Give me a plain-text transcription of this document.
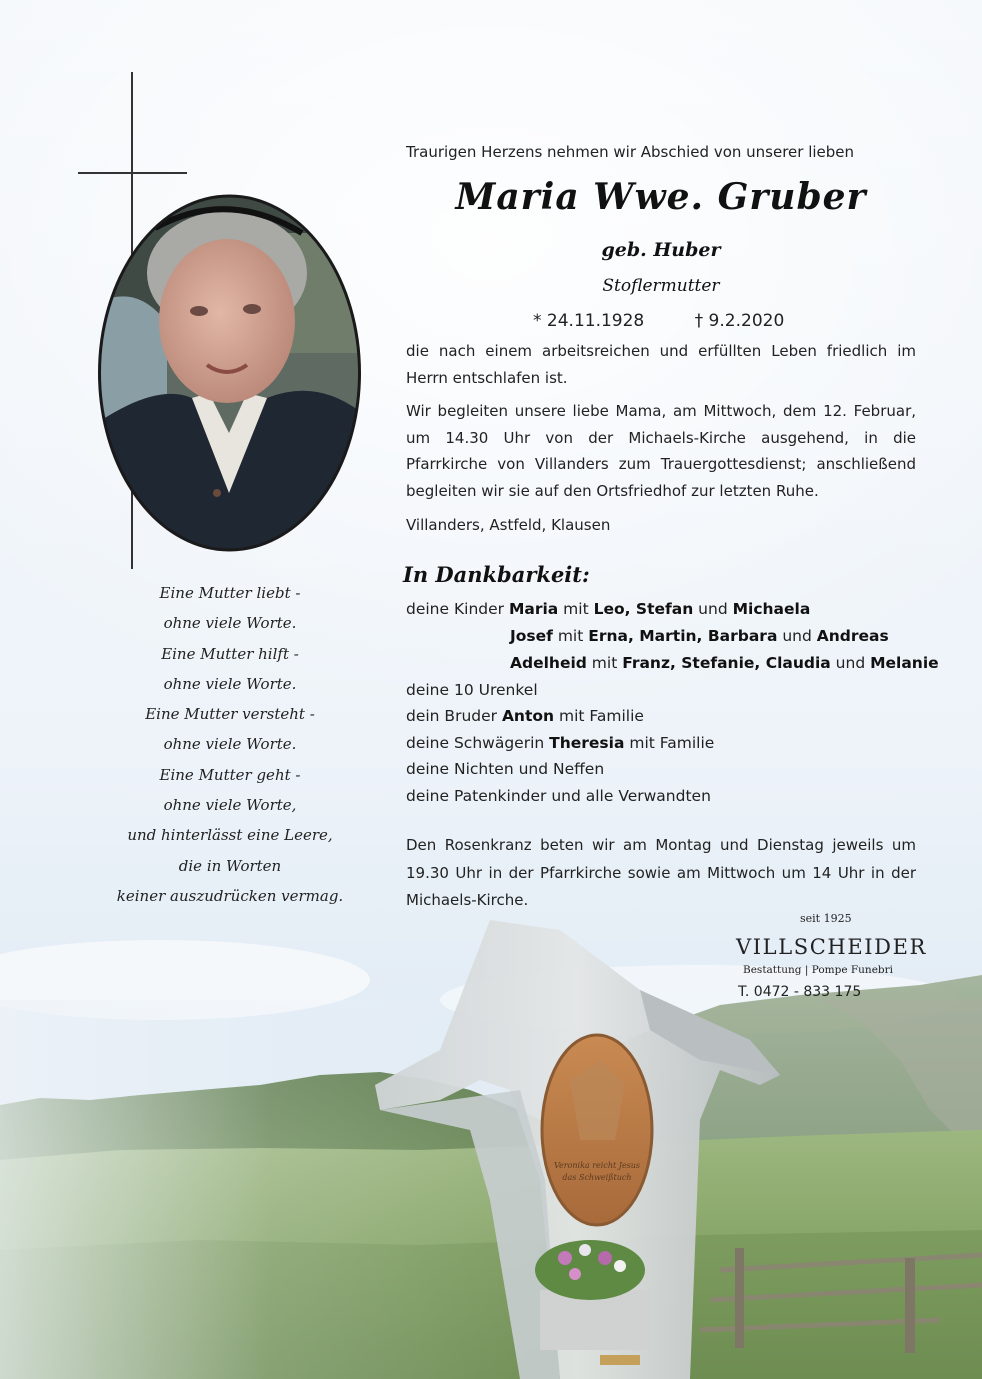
Veronika reicht Jesus
das Schweißtuch
Eine Mutter liebt -
ohne viele Worte.
Eine Mutter hilft -
ohne viele Worte.
Eine Mutter versteht -
ohne viele Worte.
Eine Mutter geht -
ohne viele Worte,
und hinterlässt eine Leere,
die in Worten
keiner auszudrücken vermag.
Traurigen Herzens nehmen wir Abschied von unserer lieben
Maria Wwe. Gruber
geb. Huber
Stoflermutter
* 24.11.1928	† 9.2.2020
die nach einem arbeitsreichen und erfüllten Leben friedlich im Herrn entschlafen ist.
Wir begleiten unsere liebe Mama, am Mittwoch, dem 12. Februar, um 14.30 Uhr von der Michaels-Kirche ausgehend, in die Pfarrkirche von Villanders zum Trauergottesdienst; anschließend begleiten wir sie auf den Ortsfriedhof zur letzten Ruhe.
Villanders, Astfeld, Klausen
In Dankbarkeit:
deine Kinder Maria mit Leo, Stefan und Michaela
Josef mit Erna, Martin, Barbara und Andreas
Adelheid mit Franz, Stefanie, Claudia und Melanie
deine 10 Urenkel
dein Bruder Anton mit Familie
deine Schwägerin Theresia mit Familie
deine Nichten und Neffen
deine Patenkinder und alle Verwandten
Den Rosenkranz beten wir am Montag und Dienstag jeweils um 19.30 Uhr in der Pfarrkirche sowie am Mittwoch um 14 Uhr in der Michaels-Kirche.
seit 1925
VILLSCHEIDER
Bestattung | Pompe Funebri
T. 0472 - 833 175
